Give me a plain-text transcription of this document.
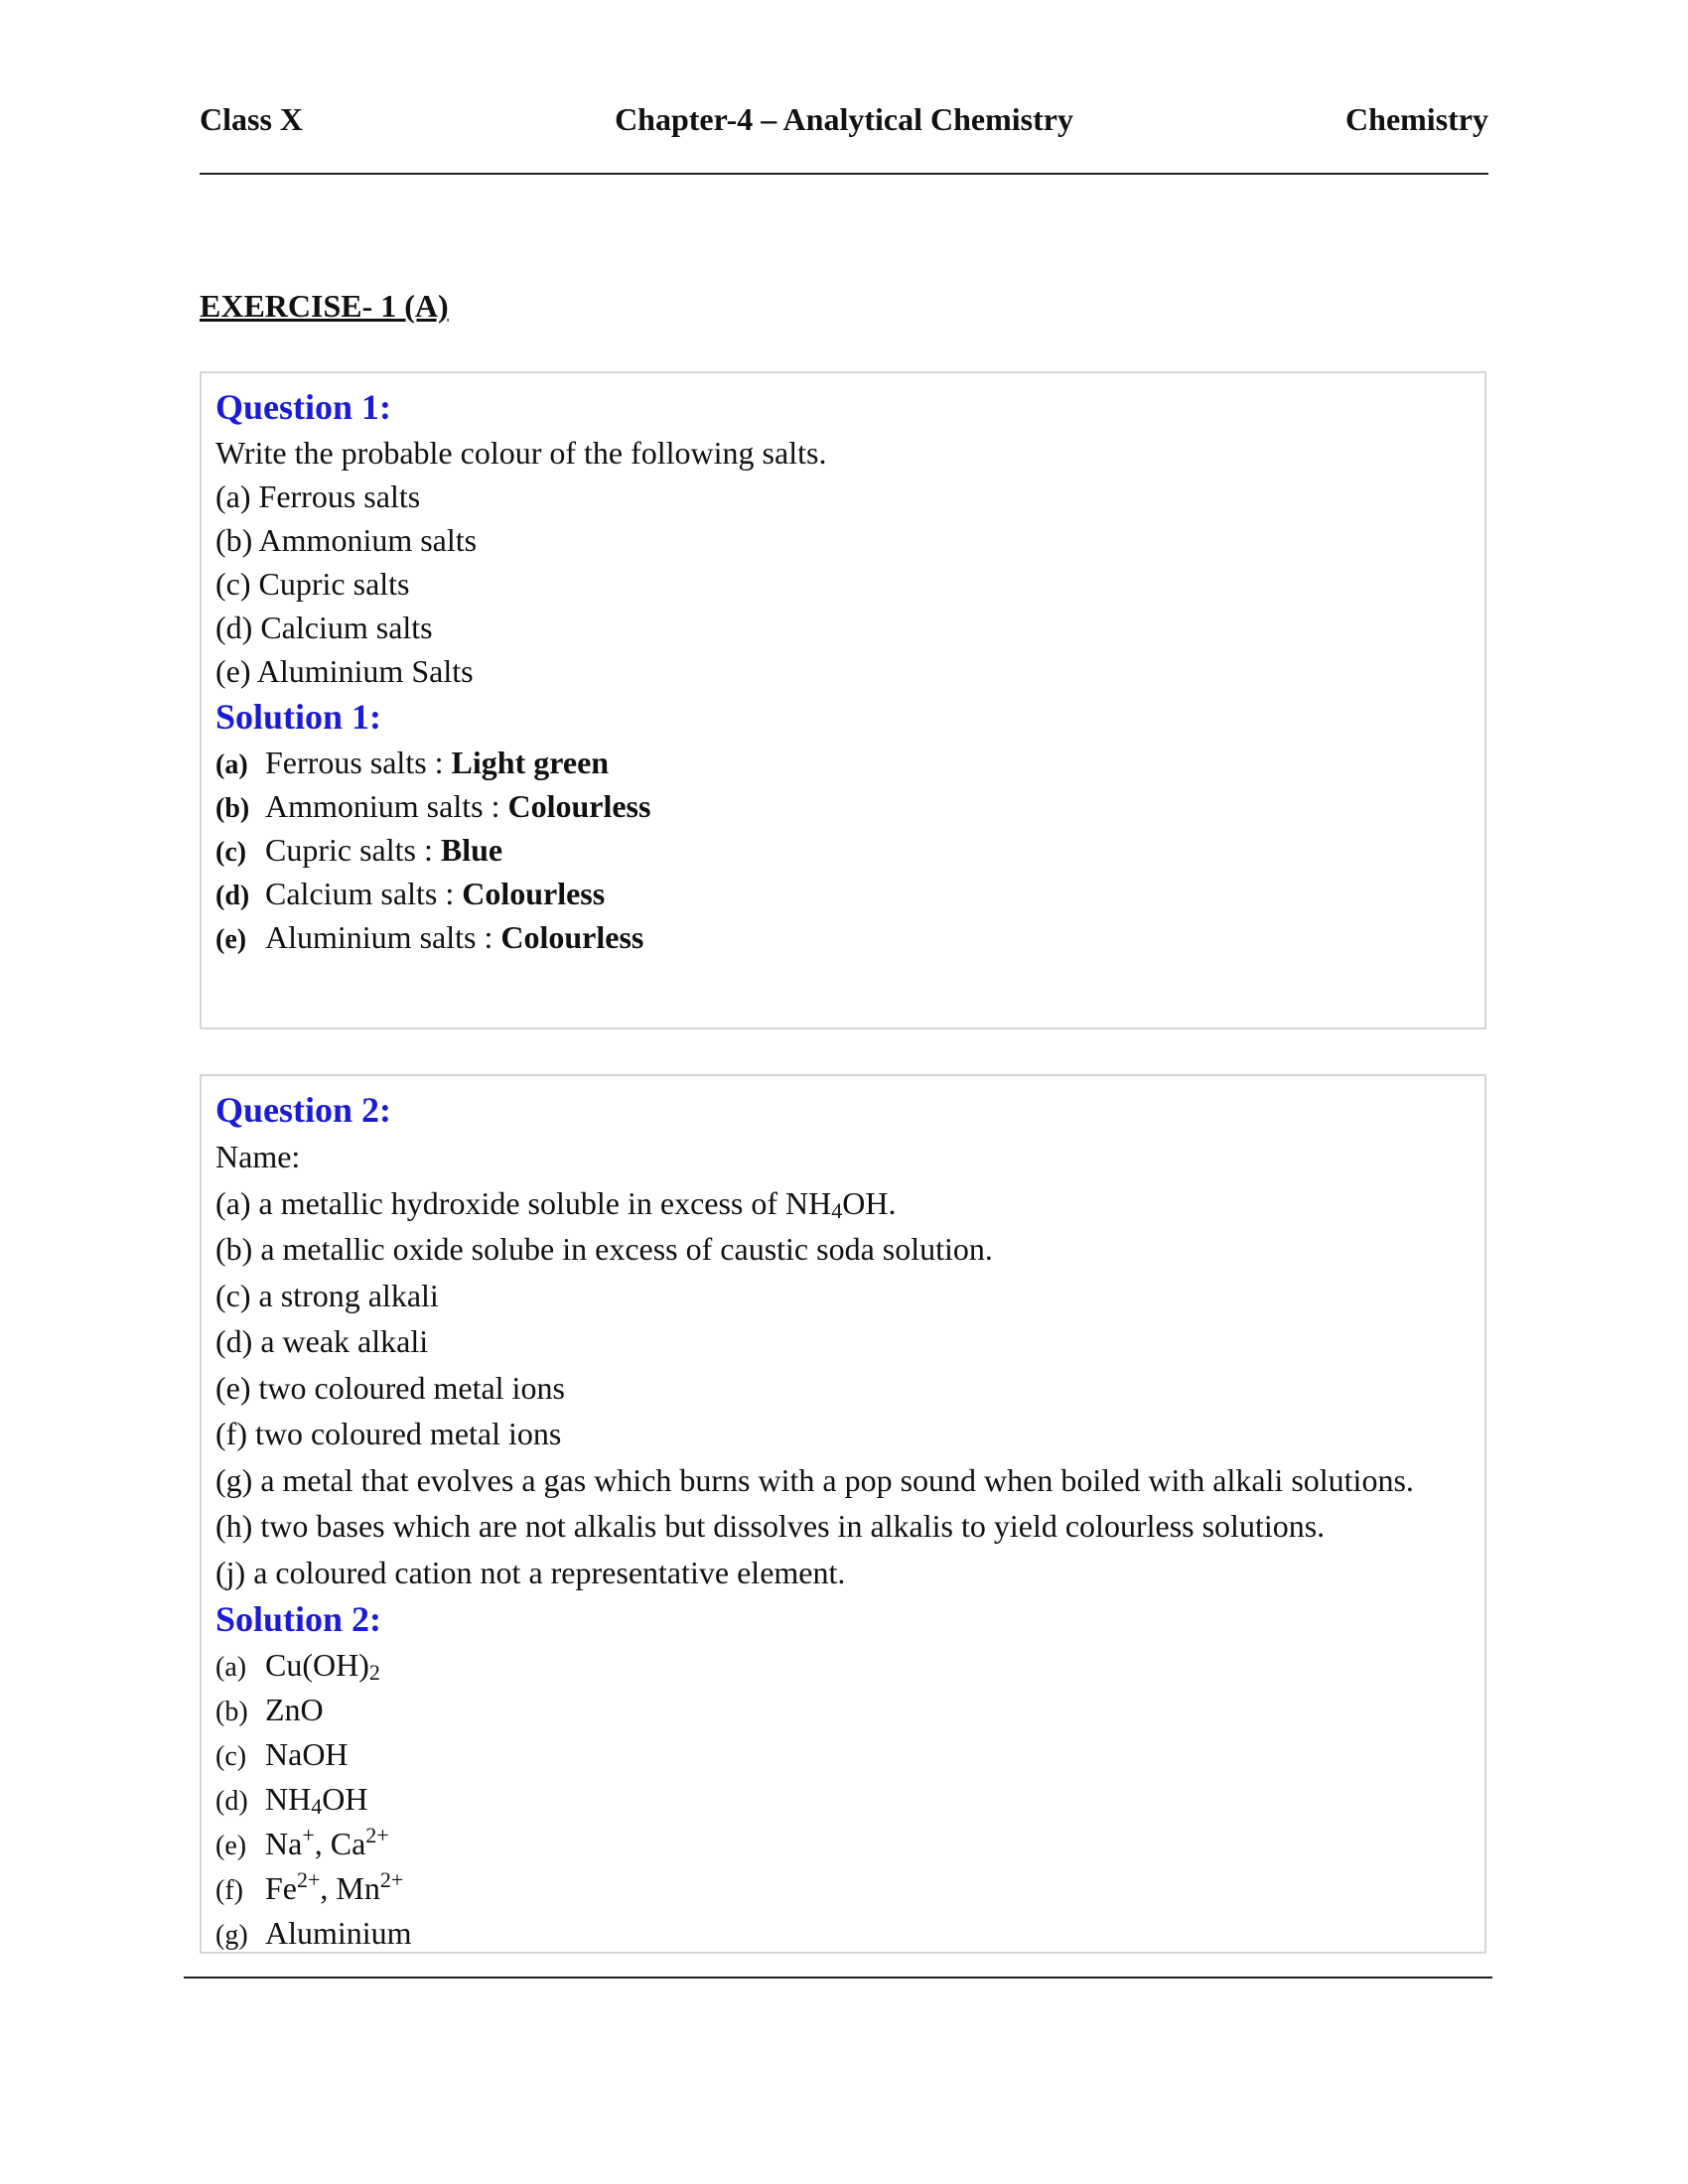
Class X	Chapter-4 – Analytical Chemistry	Chemistry
EXERCISE- 1 (A)
Question 1:
Write the probable colour of the following salts.
(a) Ferrous salts
(b) Ammonium salts
(c) Cupric salts
(d) Calcium salts
(e) Aluminium Salts
Solution 1:
(a) Ferrous salts : Light green
(b) Ammonium salts : Colourless
(c) Cupric salts : Blue
(d) Calcium salts : Colourless
(e) Aluminium salts : Colourless
Question 2:
Name:
(a) a metallic hydroxide soluble in excess of $NH_4OH$.
(b) a metallic oxide solube in excess of caustic soda solution.
(c) a strong alkali
(d) a weak alkali
(e) two coloured metal ions
(f) two coloured metal ions
(g) a metal that evolves a gas which burns with a pop sound when boiled with alkali solutions.
(h) two bases which are not alkalis but dissolves in alkalis to yield colourless solutions.
(j) a coloured cation not a representative element.
Solution 2:
(a) $Cu(OH)_2$
(b) ZnO
(c) NaOH
(d) $NH_4OH$
(e) Na+, $Ca^{2+}$
(f) $Fe^{2+}$, $Mn^{2+}$
(g) Aluminium
